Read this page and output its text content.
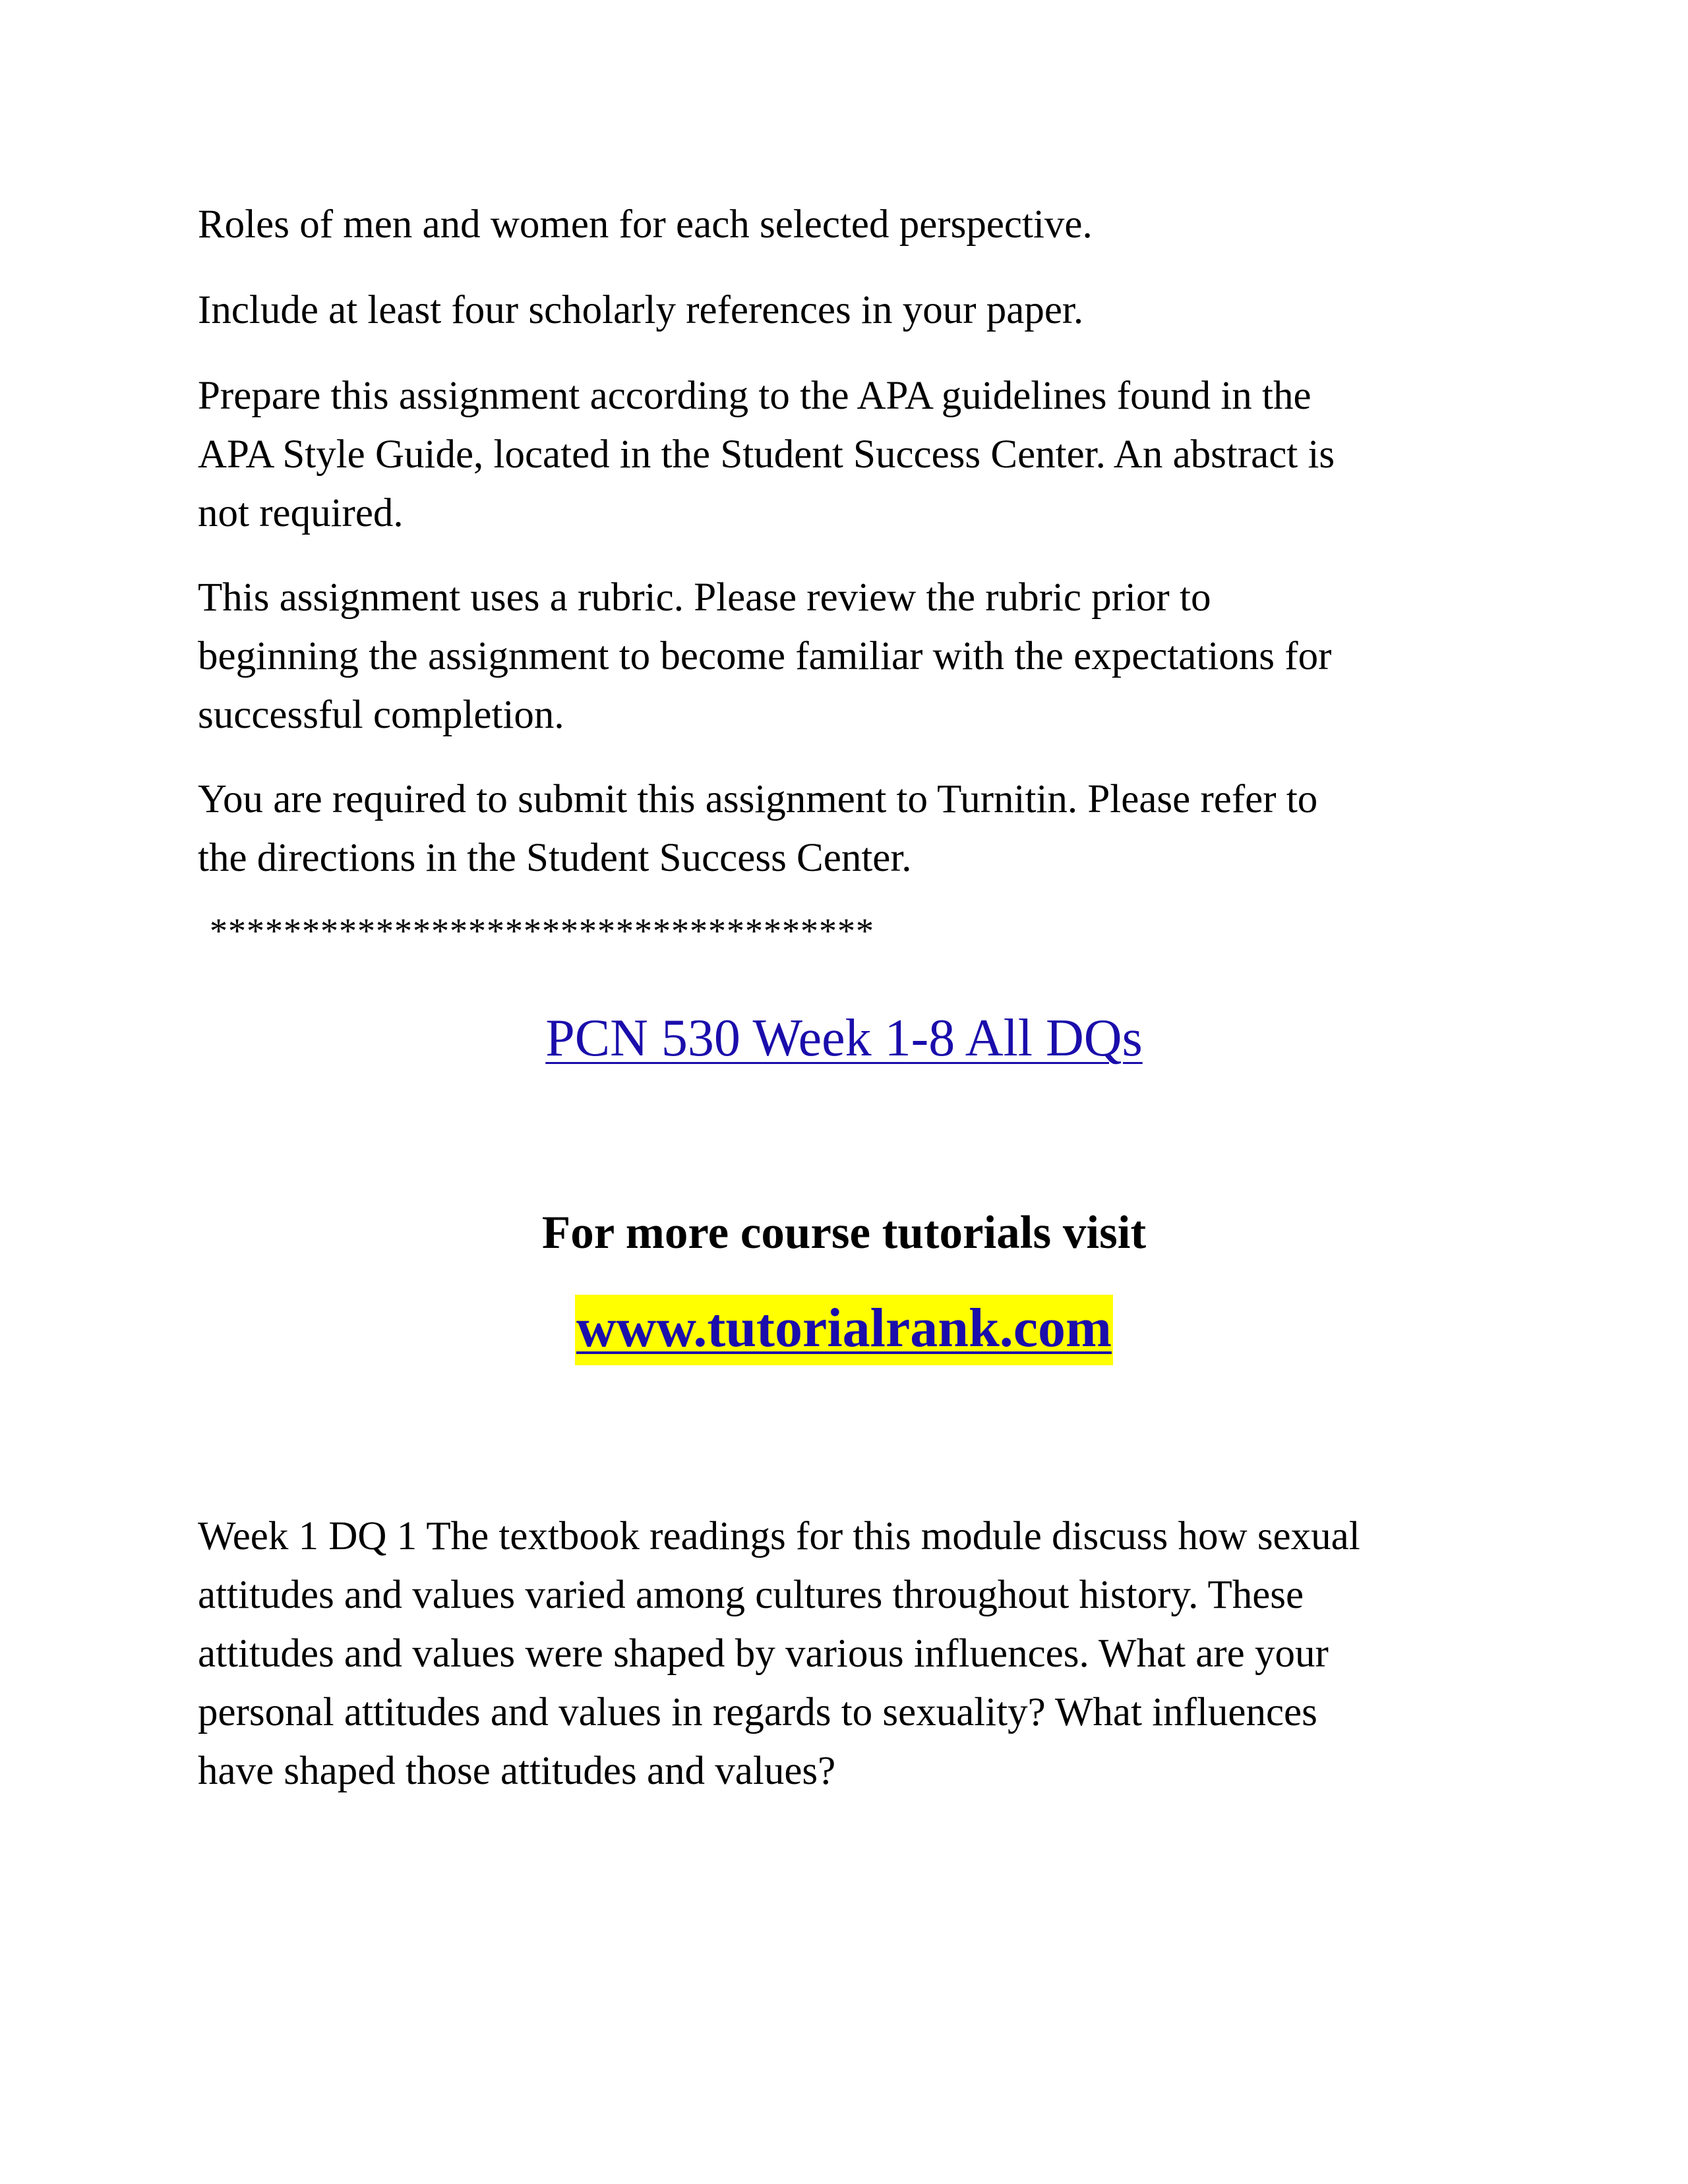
Roles of men and women for each selected perspective.
Include at least four scholarly references in your paper.
Prepare this assignment according to the APA guidelines found in the
APA Style Guide, located in the Student Success Center. An abstract is
not required.
This assignment uses a rubric. Please review the rubric prior to
beginning the assignment to become familiar with the expectations for
successful completion.
You are required to submit this assignment to Turnitin. Please refer to
the directions in the Student Success Center.
************************************
PCN 530 Week 1-8 All DQs
For more course tutorials visit
www.tutorialrank.com
Week 1 DQ 1 The textbook readings for this module discuss how sexual
attitudes and values varied among cultures throughout history. These
attitudes and values were shaped by various influences. What are your
personal attitudes and values in regards to sexuality? What influences
have shaped those attitudes and values?
